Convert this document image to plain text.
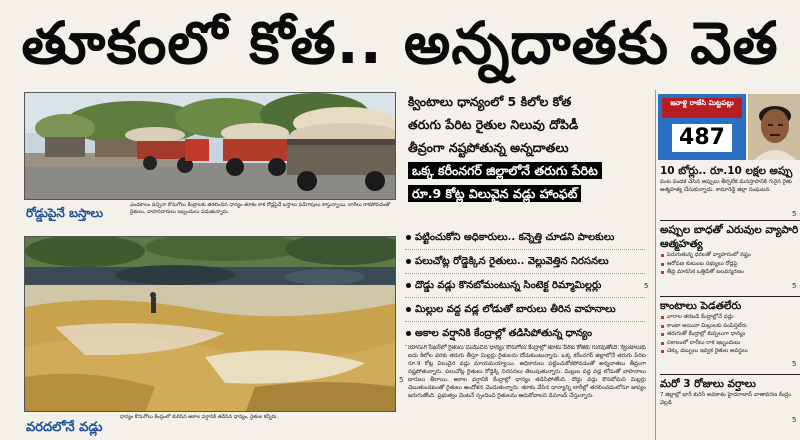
తూకంలో కోత.. అన్నదాతకు వెత
రోడ్డుపైనే బస్తాలు
ఎండకాలం వచ్చినా కొనుగోలు కేంద్రాలకు తరలించిన ధాన్యం తూకం కాక రోడ్లపైనే బస్తాలు పడిగాపులు కాస్తున్నాయి. లారీలు రాకపోవడంతో రైతులు, వాహనదారులు ఇబ్బందులు పడుతున్నారు.
వరదలోనే వడ్లు
ధాన్యం కొనుగోలు కేంద్రంలో కురిసిన అకాల వర్షానికి తడిసిన ధాన్యం, రైతుల కన్నీరు.
క్వింటాలు ధాన్యంలో 5 కిలోల కోత
తరుగు పేరిట రైతుల నిలువు దోపిడీ
తీవ్రంగా నష్టపోతున్న అన్నదాతలు
ఒక్క కరీంనగర్ జిల్లాలోనే తరుగు పేరిట
రూ.9 కోట్ల విలువైన వడ్లు హాంఫట్
పట్టించుకోని అధికారులు.. కన్నెత్తి చూడని పాలకులు
పలుచోట్ల రోడ్డెక్కిన రైతులు.. వెల్లువెత్తిన నిరసనలు
దొడ్డు వడ్లు కొనబోమంటున్న సింటెక్ట రిమ్మామిల్లర్లు
మిల్లుల వద్ద వడ్ల లోడుతో బారులు తీరిన వాహనాలు
అకాల వర్షానికి కేంద్రాల్లో తడిసిపోతున్న ధాన్యం
యాసంగి సీజన్‌లో రైతులు పండించిన ధాన్యం కొనుగోలు కేంద్రాల్లో తూకం పేరిట కోతకు గురవుతోంది. క్వింటాలుకు ఐదు కిలోల వరకు తరుగు తీస్తూ మిల్లర్లు రైతులను దోచుకుంటున్నారు. ఒక్క కరీంనగర్ జిల్లాలోనే తరుగు పేరిట రూ.9 కోట్ల విలువైన వడ్లు మాయమయ్యాయి. అధికారులు పట్టించుకోకపోవడంతో అన్నదాతలు తీవ్రంగా నష్టపోతున్నారు. పలుచోట్ల రైతులు రోడ్డెక్కి నిరసనలు తెలుపుతున్నారు. మిల్లుల వద్ద వడ్ల లోడుతో వాహనాలు బారులు తీరాయి. అకాల వర్షానికి కేంద్రాల్లో ధాన్యం తడిసిపోతోంది. దొడ్డు వడ్లు కొనబోమని మిల్లర్లు చెబుతుండటంతో రైతులు ఆందోళన చెందుతున్నారు. తూకం వేసిన ధాన్యాన్ని లారీల్లో తరలించడంలోనూ జాప్యం జరుగుతోంది. ప్రభుత్వం వెంటనే స్పందించి రైతులను ఆదుకోవాలని డిమాండ్ చేస్తున్నారు.
5
ఇవాళ్టి రాజేసి మిట్టపల్లు
487
10 బోర్లు.. రూ.10 లక్షల అప్పు
పంట పండక చేసిన అప్పులు తీర్చలేక మనస్తాపానికి గురైన రైతు ఆత్మహత్య చేసుకున్నాడు. కామారెడ్డి జిల్లా సంఘటన.
5
అప్పుల బాధతో ఎరువుల వ్యాపారి ఆత్మహత్య
పెరుగుతున్న ధరలతో వ్యాపారంలో నష్టం
ఆరోపణ కుటుంబ సభ్యులు రోడ్లపై
తీవ్ర మానసిక ఒత్తిడితో బలవన్మరణం
5
కాంటాలు పెడతలేరు
వారాల తరబడి కేంద్రాల్లోనే వడ్లు
కాంటా అయినా మిల్లులకు పంపిస్తలేరు
తరుగుతో కేంద్రాల్లో కుప్పలుగా ధాన్యం
సకాలంలో లారీలు రాక ఇబ్బందులు
చెక్కు డబ్బులు ఇవ్వక రైతుల అవస్థలు
5
మరో 3 రోజులు వర్షాలు
7 జిల్లాల్లో భారీ కురిసే అవకాశం హైదరాబాద్ వాతావరణ కేంద్రం వెల్లడి
5
5
